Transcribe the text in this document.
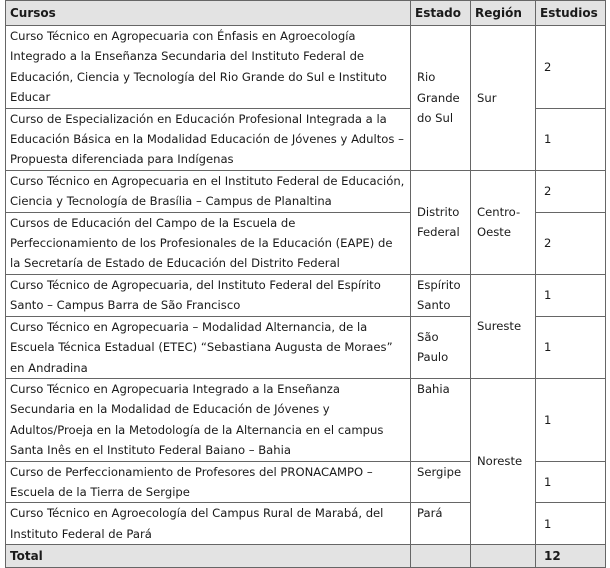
Cursos	Estado	Región	Estudios
Curso Técnico en Agropecuaria con Énfasis en Agroecología Integrado a la Enseñanza Secundaria del Instituto Federal de Educación, Ciencia y Tecnología del Rio Grande do Sul e Instituto Educar	Rio Grande do Sul	Sur	2
Curso de Especialización en Educación Profesional Integrada a la Educación Básica en la Modalidad Educación de Jóvenes y Adultos – Propuesta diferenciada para Indígenas			1
Curso Técnico en Agropecuaria en el Instituto Federal de Educación, Ciencia y Tecnología de Brasília – Campus de Planaltina	Distrito Federal	Centro-Oeste	2
Cursos de Educación del Campo de la Escuela de Perfeccionamiento de los Profesionales de la Educación (EAPE) de la Secretaría de Estado de Educación del Distrito Federal			2
Curso Técnico de Agropecuaria, del Instituto Federal del Espírito Santo – Campus Barra de São Francisco	Espírito Santo	Sureste	1
Curso Técnico en Agropecuaria – Modalidad Alternancia, de la Escuela Técnica Estadual (ETEC) “Sebastiana Augusta de Moraes” en Andradina	São Paulo		1
Curso Técnico en Agropecuaria Integrado a la Enseñanza Secundaria en la Modalidad de Educación de Jóvenes y Adultos/Proeja en la Metodología de la Alternancia en el campus Santa Inês en el Instituto Federal Baiano – Bahia	Bahia	Noreste	1
Curso de Perfeccionamiento de Profesores del PRONACAMPO – Escuela de la Tierra de Sergipe	Sergipe		1
Curso Técnico en Agroecología del Campus Rural de Marabá, del Instituto Federal de Pará	Pará		1
Total			12
